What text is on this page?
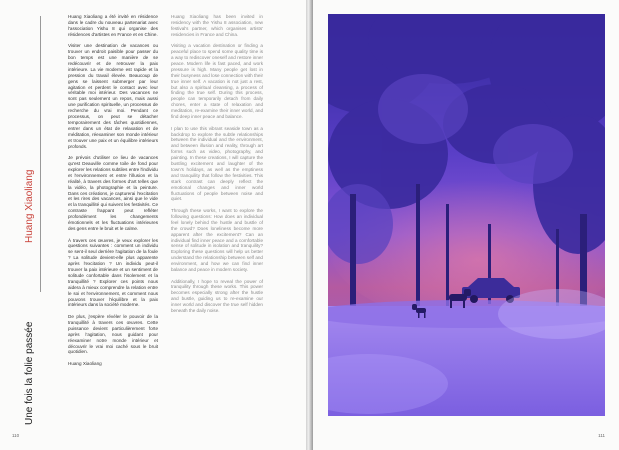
Huang Xiaoliang
Une fois la folie passée

Huang Xiaoliang a été invité en résidence dans le cadre du nouveau partenariat avec l'association Yishu 8 qui organise des résidences d'artistes en France et en Chine.

Visiter une destination de vacances ou trouver un endroit paisible pour passer du bon temps est une manière de se redécouvrir et de retrouver la paix intérieure. La vie moderne est rapide et la pression du travail élevée. Beaucoup de gens se laissent submerger par leur agitation et perdent le contact avec leur véritable moi intérieur. Des vacances ne sont pas seulement un repos, mais aussi une purification spirituelle, un processus de recherche du vrai moi. Pendant ce processus, on peut se détacher temporairement des tâches quotidiennes, entrer dans un état de relaxation et de méditation, réexaminer son monde intérieur et trouver une paix et un équilibre intérieurs profonds.

Je prévois d'utiliser ce lieu de vacances qu'est Deauville comme toile de fond pour explorer les relations subtiles entre l'individu et l'environnement et entre l'illusion et la réalité, à travers des formes d'art telles que la vidéo, la photographie et la peinture. Dans ces créations, je capturerai l'excitation et les rires des vacances, ainsi que le vide et la tranquillité qui suivent les festivités. Ce contraste frappant peut refléter profondément les changements émotionnels et les fluctuations intérieures des gens entre le bruit et le calme.

À travers ces œuvres, je veux explorer les questions suivantes : comment un individu se sent-il seul derrière l'agitation de la foule ? La solitude devient-elle plus apparente après l'excitation ? Un individu peut-il trouver la paix intérieure et un sentiment de solitude confortable dans l'isolement et la tranquillité ? Explorer ces points nous aidera à mieux comprendre la relation entre le soi et l'environnement, et comment nous pouvons trouver l'équilibre et la paix intérieurs dans la société moderne.

De plus, j'espère révéler le pouvoir de la tranquillité à travers ces œuvres. Cette puissance devient particulièrement forte après l'agitation, nous guidant pour réexaminer notre monde intérieur et découvrir le vrai moi caché sous le bruit quotidien.

Huang Xiaoliang

Huang Xiaoliang has been invited in residency with the Yishu 8 association, new festival's partner, which organises artists' residencies in France and China.

Visiting a vacation destination or finding a peaceful place to spend some quality time is a way to rediscover oneself and restore inner peace. Modern life is fast paced, and work pressure is high. Many people get lost in their busyness and lose connection with their true inner self. A vacation is not just a rest, but also a spiritual cleansing, a process of finding the true self. During this process, people can temporarily detach from daily chores, enter a state of relaxation and meditation, re-examine their inner world, and find deep inner peace and balance.

I plan to use this vibrant seaside town as a backdrop to explore the subtle relationships between the individual and the environment, and between illusion and reality, through art forms such as video, photography, and painting. In these creations, I will capture the bustling excitement and laughter of the town's holidays, as well as the emptiness and tranquility that follow the festivities. This stark contrast can deeply reflect the emotional changes and inner world fluctuations of people between noise and quiet.

Through these works, I want to explore the following questions: How does an individual feel lonely behind the hustle and bustle of the crowd? Does loneliness become more apparent after the excitement? Can an individual find inner peace and a comfortable sense of solitude in isolation and tranquility? Exploring these questions will help us better understand the relationship between self and environment, and how we can find inner balance and peace in modern society.

Additionally, I hope to reveal the power of tranquility through these works. This power becomes especially strong after the hustle and bustle, guiding us to re-examine our inner world and discover the true self hidden beneath the daily noise.

110	111
